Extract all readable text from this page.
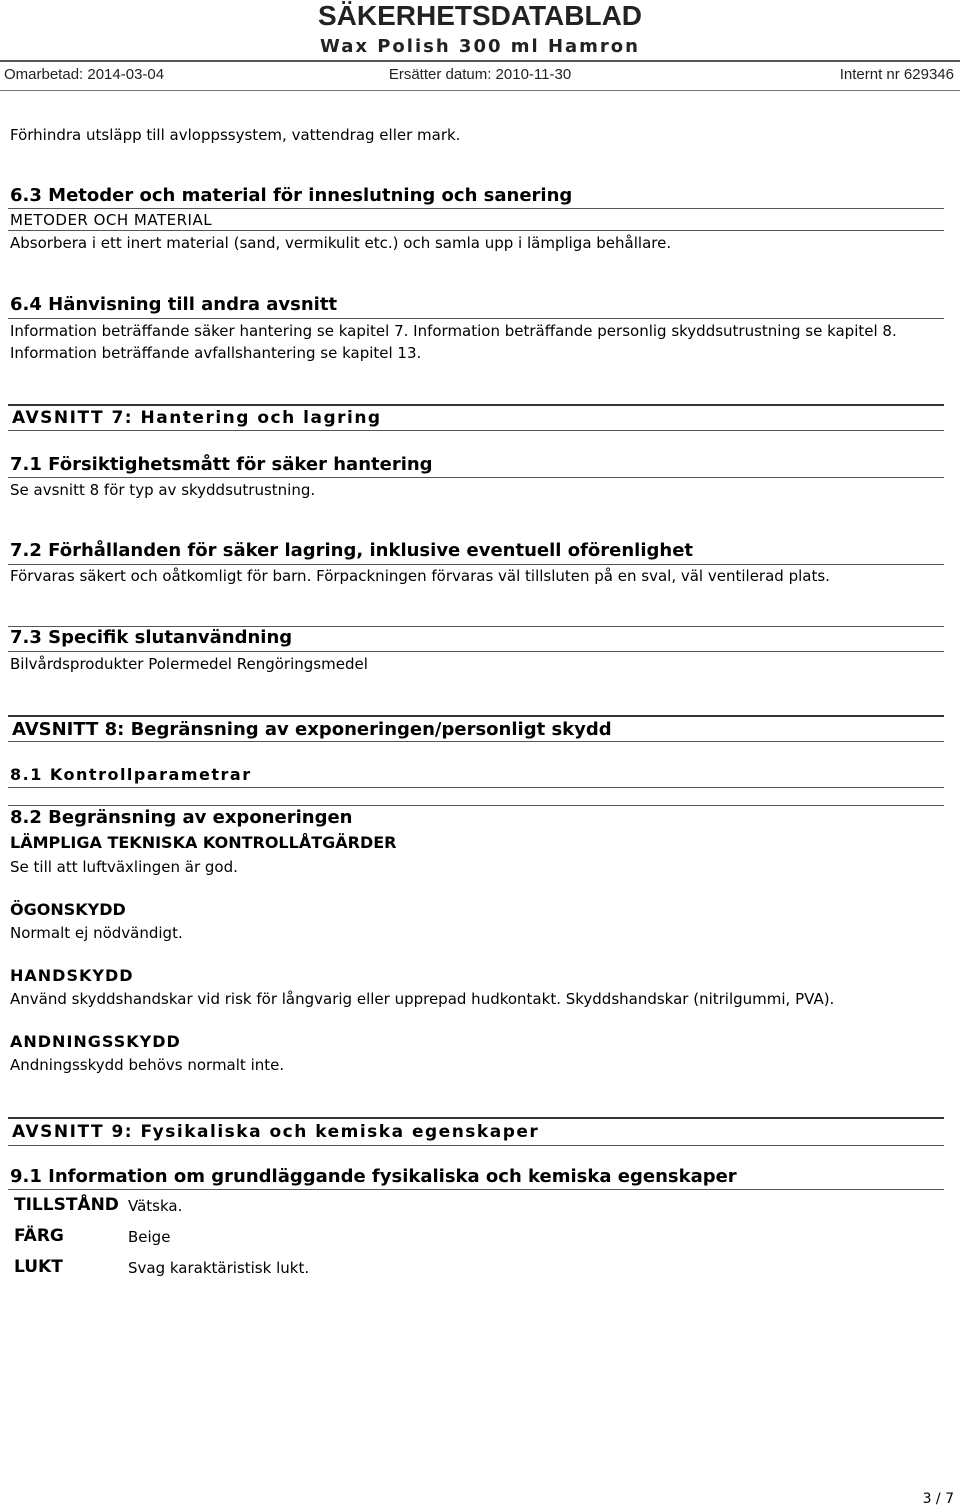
SÄKERHETSDATABLAD
Wax Polish 300 ml Hamron
Omarbetad: 2014-03-04	Ersätter datum: 2010-11-30	Internt nr 629346
Förhindra utsläpp till avloppssystem, vattendrag eller mark.
6.3 Metoder och material för inneslutning och sanering
METODER OCH MATERIAL
Absorbera i ett inert material (sand, vermikulit etc.) och samla upp i lämpliga behållare.
6.4 Hänvisning till andra avsnitt
Information beträffande säker hantering se kapitel 7. Information beträffande personlig skyddsutrustning se kapitel 8.
Information beträffande avfallshantering se kapitel 13.
AVSNITT 7: Hantering och lagring
7.1 Försiktighetsmått för säker hantering
Se avsnitt 8 för typ av skyddsutrustning.
7.2 Förhållanden för säker lagring, inklusive eventuell oförenlighet
Förvaras säkert och oåtkomligt för barn. Förpackningen förvaras väl tillsluten på en sval, väl ventilerad plats.
7.3 Specifik slutanvändning
Bilvårdsprodukter Polermedel Rengöringsmedel
AVSNITT 8: Begränsning av exponeringen/personligt skydd
8.1 Kontrollparametrar
8.2 Begränsning av exponeringen
LÄMPLIGA TEKNISKA KONTROLLÅTGÄRDER
Se till att luftväxlingen är god.
ÖGONSKYDD
Normalt ej nödvändigt.
HANDSKYDD
Använd skyddshandskar vid risk för långvarig eller upprepad hudkontakt. Skyddshandskar (nitrilgummi, PVA).
ANDNINGSSKYDD
Andningsskydd behövs normalt inte.
AVSNITT 9: Fysikaliska och kemiska egenskaper
9.1 Information om grundläggande fysikaliska och kemiska egenskaper
TILLSTÅND Vätska.
FÄRG	Beige
LUKT	Svag karaktäristisk lukt.
3 / 7
